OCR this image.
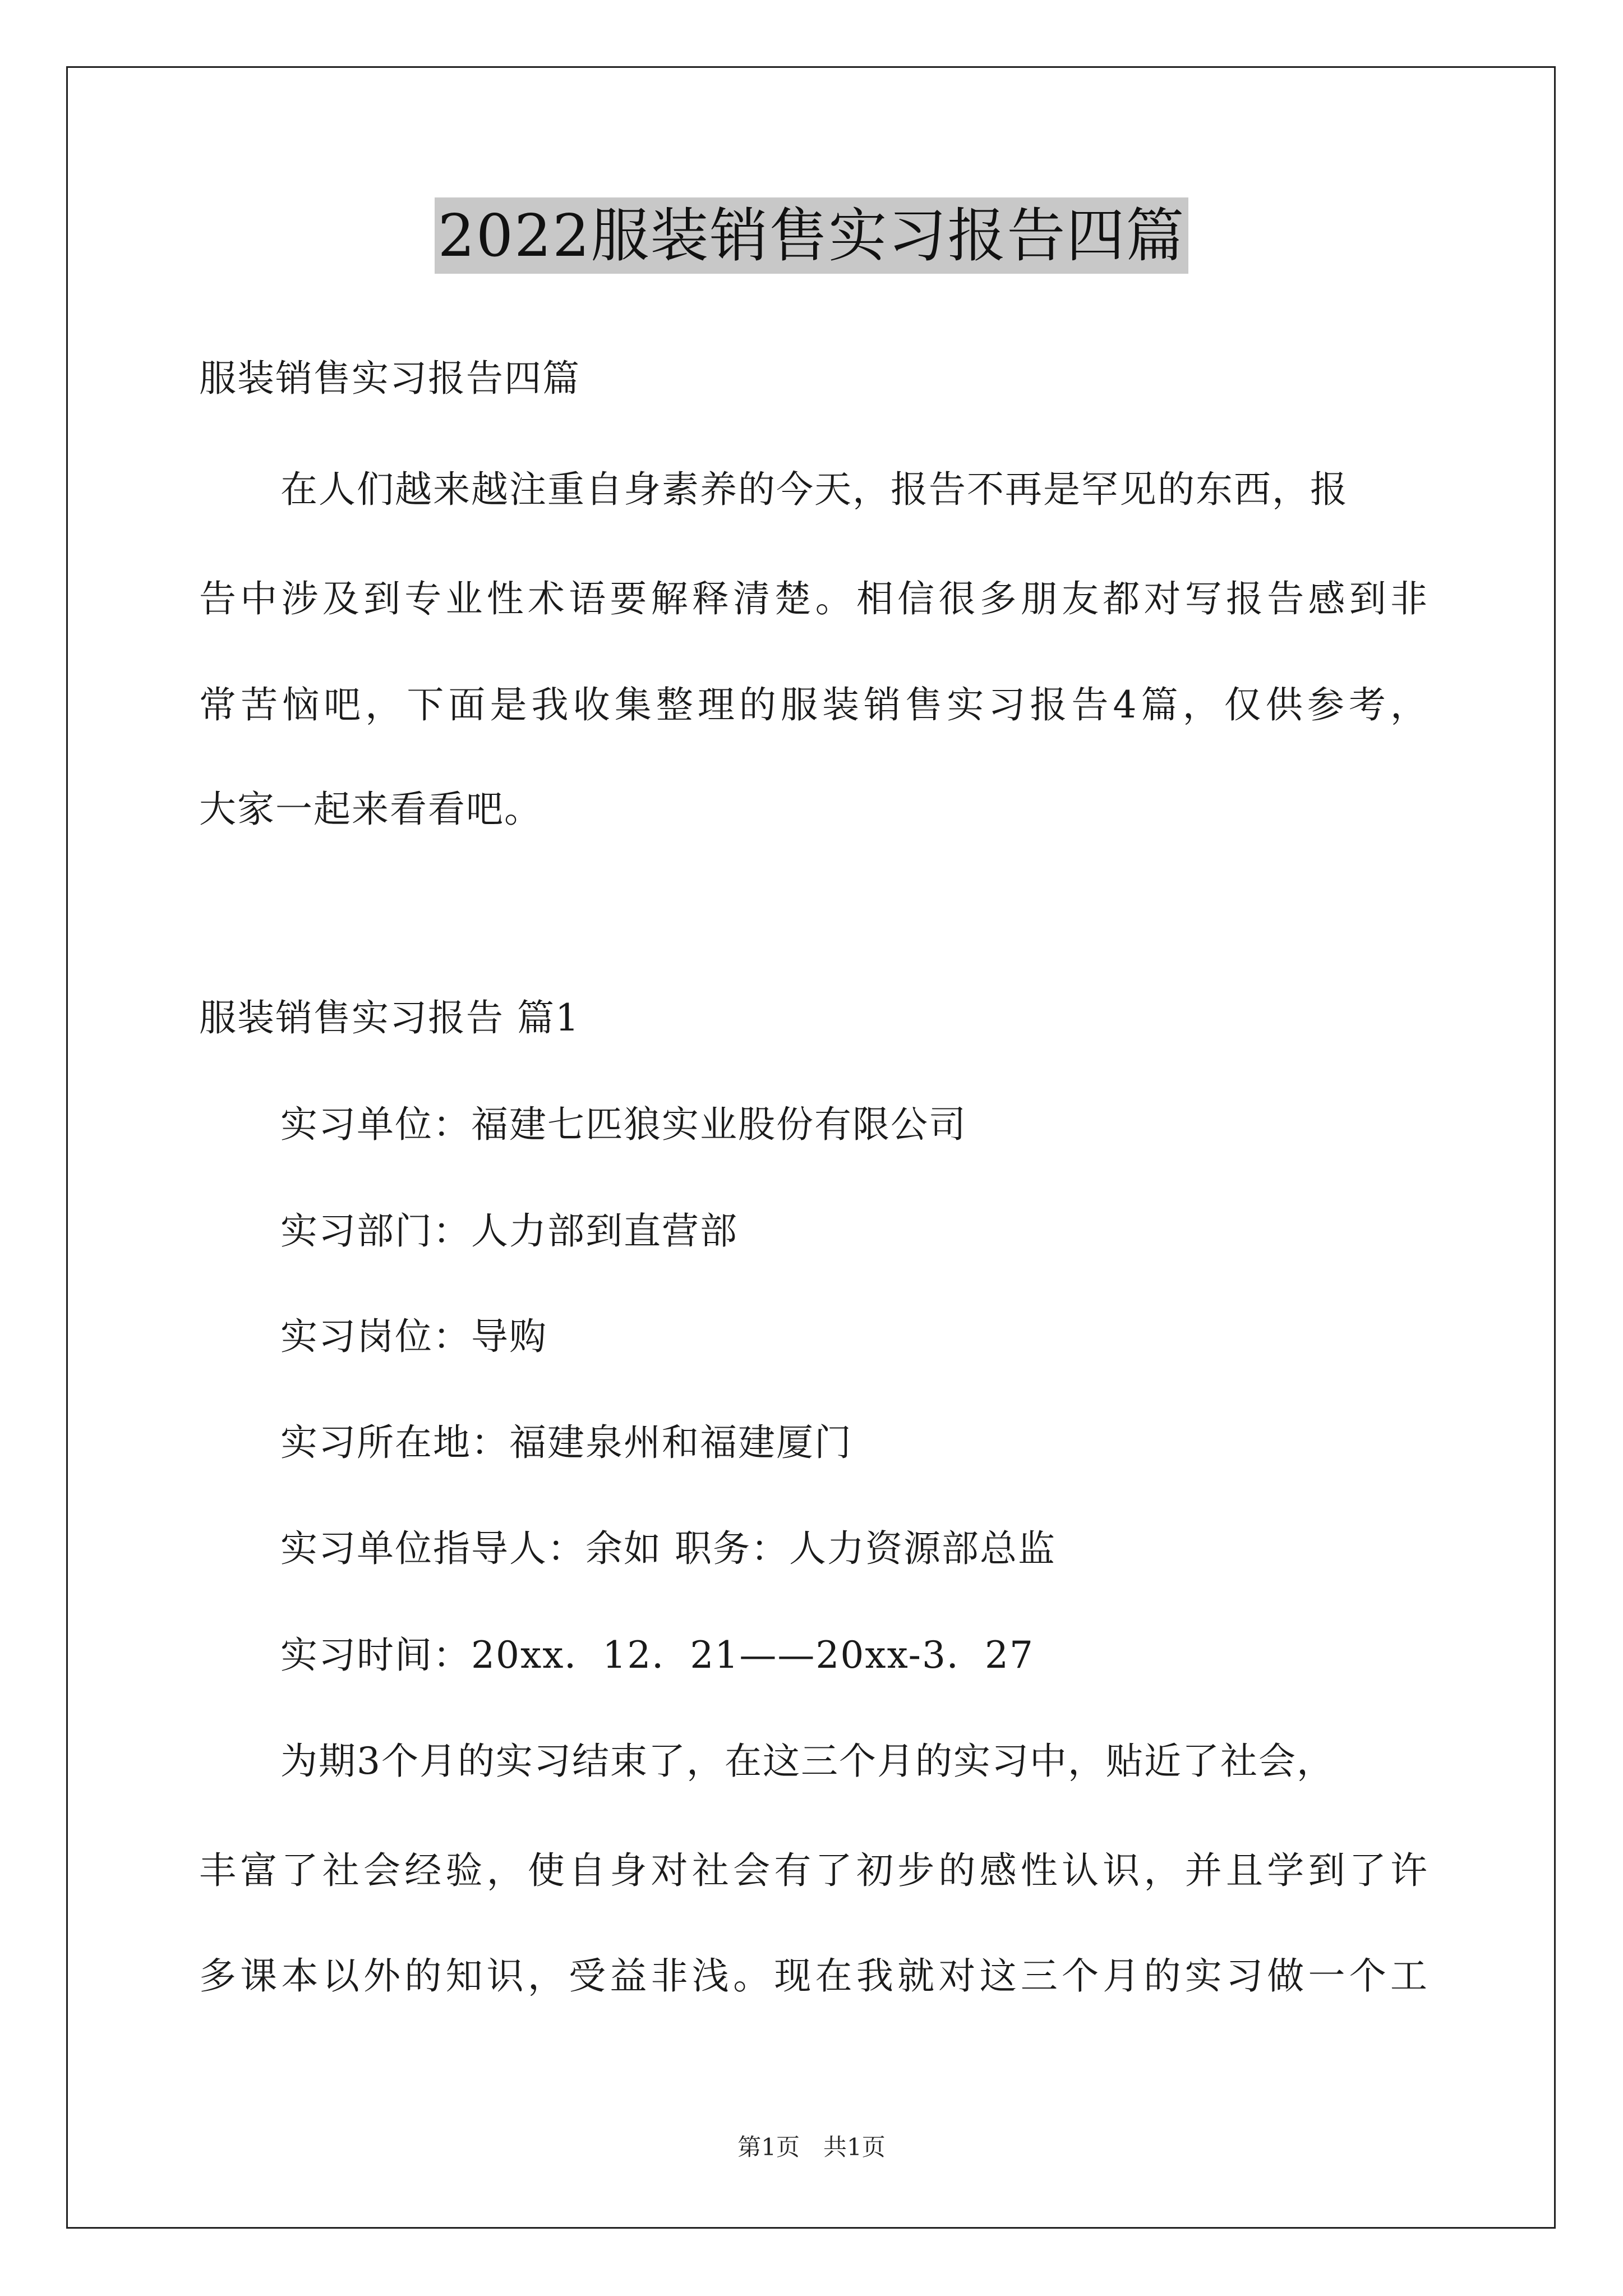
2022服装销售实习报告四篇
服装销售实习报告四篇
在人们越来越注重自身素养的今天，报告不再是罕见的东西，报
告中涉及到专业性术语要解释清楚。相信很多朋友都对写报告感到非
常苦恼吧，下面是我收集整理的服装销售实习报告4篇，仅供参考，
大家一起来看看吧。
服装销售实习报告 篇1
实习单位：福建七匹狼实业股份有限公司
实习部门：人力部到直营部
实习岗位：导购
实习所在地：福建泉州和福建厦门
实习单位指导人：余如 职务：人力资源部总监
实习时间：20xx．12．21——20xx-3．27
为期3个月的实习结束了，在这三个月的实习中，贴近了社会，
丰富了社会经验，使自身对社会有了初步的感性认识，并且学到了许
多课本以外的知识，受益非浅。现在我就对这三个月的实习做一个工
第1页　共1页
